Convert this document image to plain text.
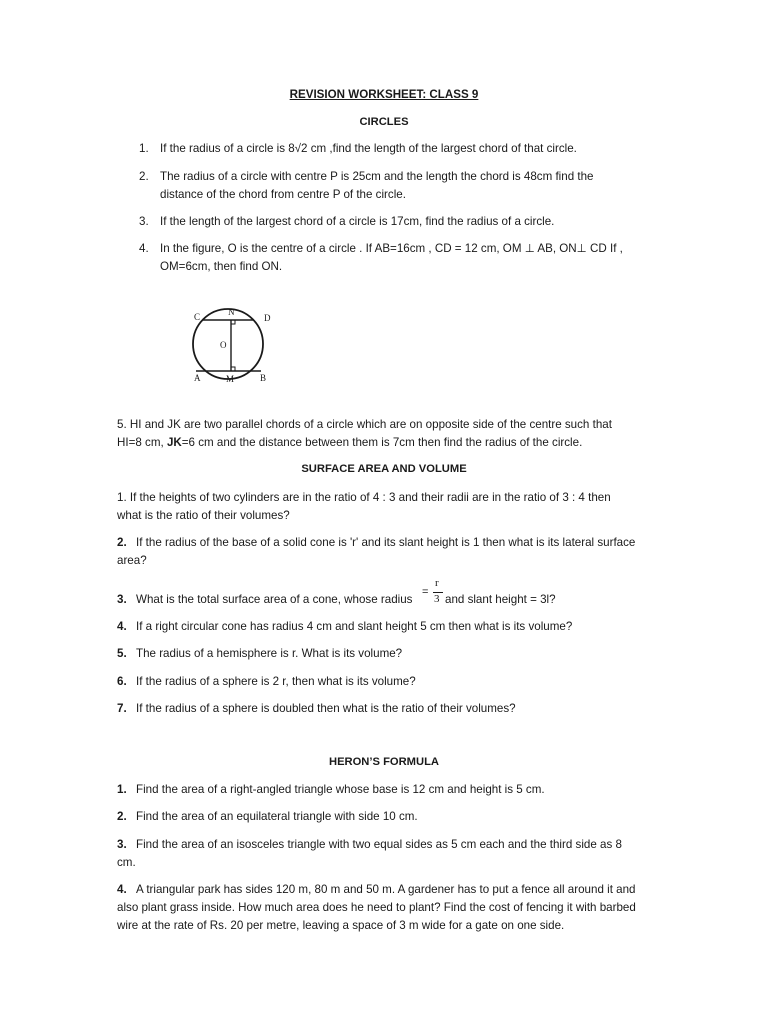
REVISION WORKSHEET: CLASS 9
CIRCLES
1. If the radius of a circle is 8√2 cm ,find the length of the largest chord of that circle.
2. The radius of a circle with centre P is 25cm and the length the chord is 48cm find the
distance of the chord from centre P of the circle.
3. If the length of the largest chord of a circle is 17cm, find the radius of a circle.
4. In the figure, O is the centre of a circle . If AB=16cm , CD = 12 cm, OM ⊥ AB, ON⊥ CD If ,
OM=6cm, then find ON.
C	N
D
O
A	M	B
5. HI and JK are two parallel chords of a circle which are on opposite side of the centre such that
HI=8 cm, JK=6 cm and the distance between them is 7cm then find the radius of the circle.
SURFACE AREA AND VOLUME
1. If the heights of two cylinders are in the ratio of 4 : 3 and their radii are in the ratio of 3 : 4 then
what is the ratio of their volumes?
2. If the radius of the base of a solid cone is 'r' and its slant height is 1 then what is its lateral surface
area?
3. What is the total surface area of a cone, whose radius
=
r
3 and slant height = 3l?
4. If a right circular cone has radius 4 cm and slant height 5 cm then what is its volume?
5. The radius of a hemisphere is r. What is its volume?
6. If the radius of a sphere is 2 r, then what is its volume?
7. If the radius of a sphere is doubled then what is the ratio of their volumes?
HERON’S FORMULA
1. Find the area of a right-angled triangle whose base is 12 cm and height is 5 cm.
2. Find the area of an equilateral triangle with side 10 cm.
3. Find the area of an isosceles triangle with two equal sides as 5 cm each and the third side as 8
cm.
4. A triangular park has sides 120 m, 80 m and 50 m. A gardener has to put a fence all around it and
also plant grass inside. How much area does he need to plant? Find the cost of fencing it with barbed
wire at the rate of Rs. 20 per metre, leaving a space of 3 m wide for a gate on one side.
